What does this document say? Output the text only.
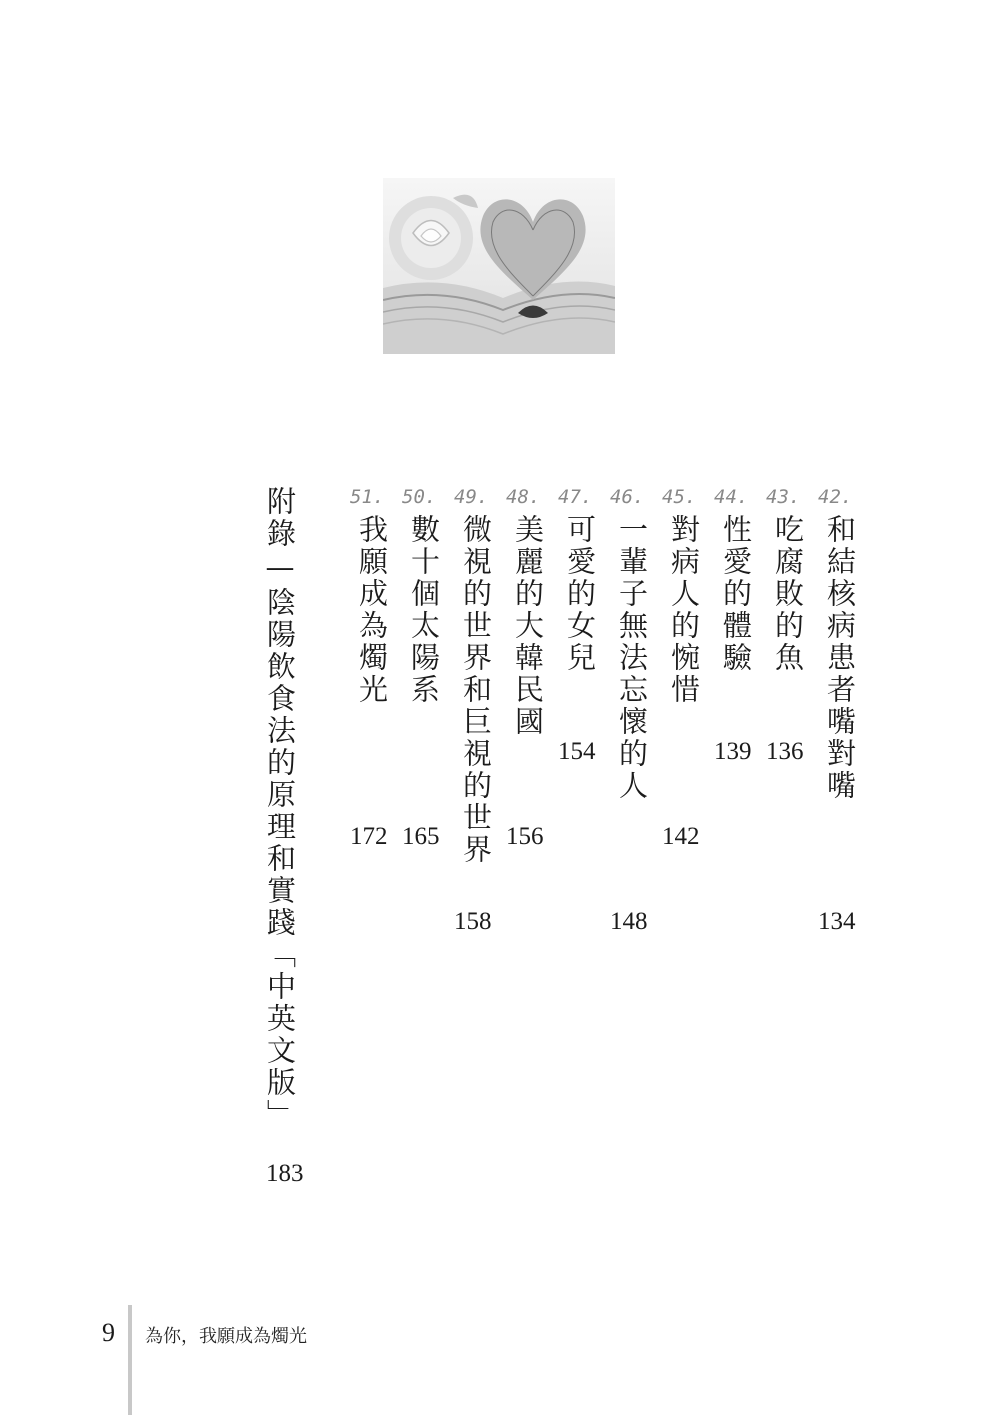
42.
和結核病患者嘴對嘴
134
43.
吃腐敗的魚
136
44.
性愛的體驗
139
45.
對病人的惋惜
142
46.
一輩子無法忘懷的人
148
47.
可愛的女兒
154
48.
美麗的大韓民國
156
49.
微視的世界和巨視的世界
158
50.
數十個太陽系
165
51.
我願成為燭光
172
附錄—陰陽飲食法的原理和實踐「中英文版」
183
9 為你，我願成為燭光
